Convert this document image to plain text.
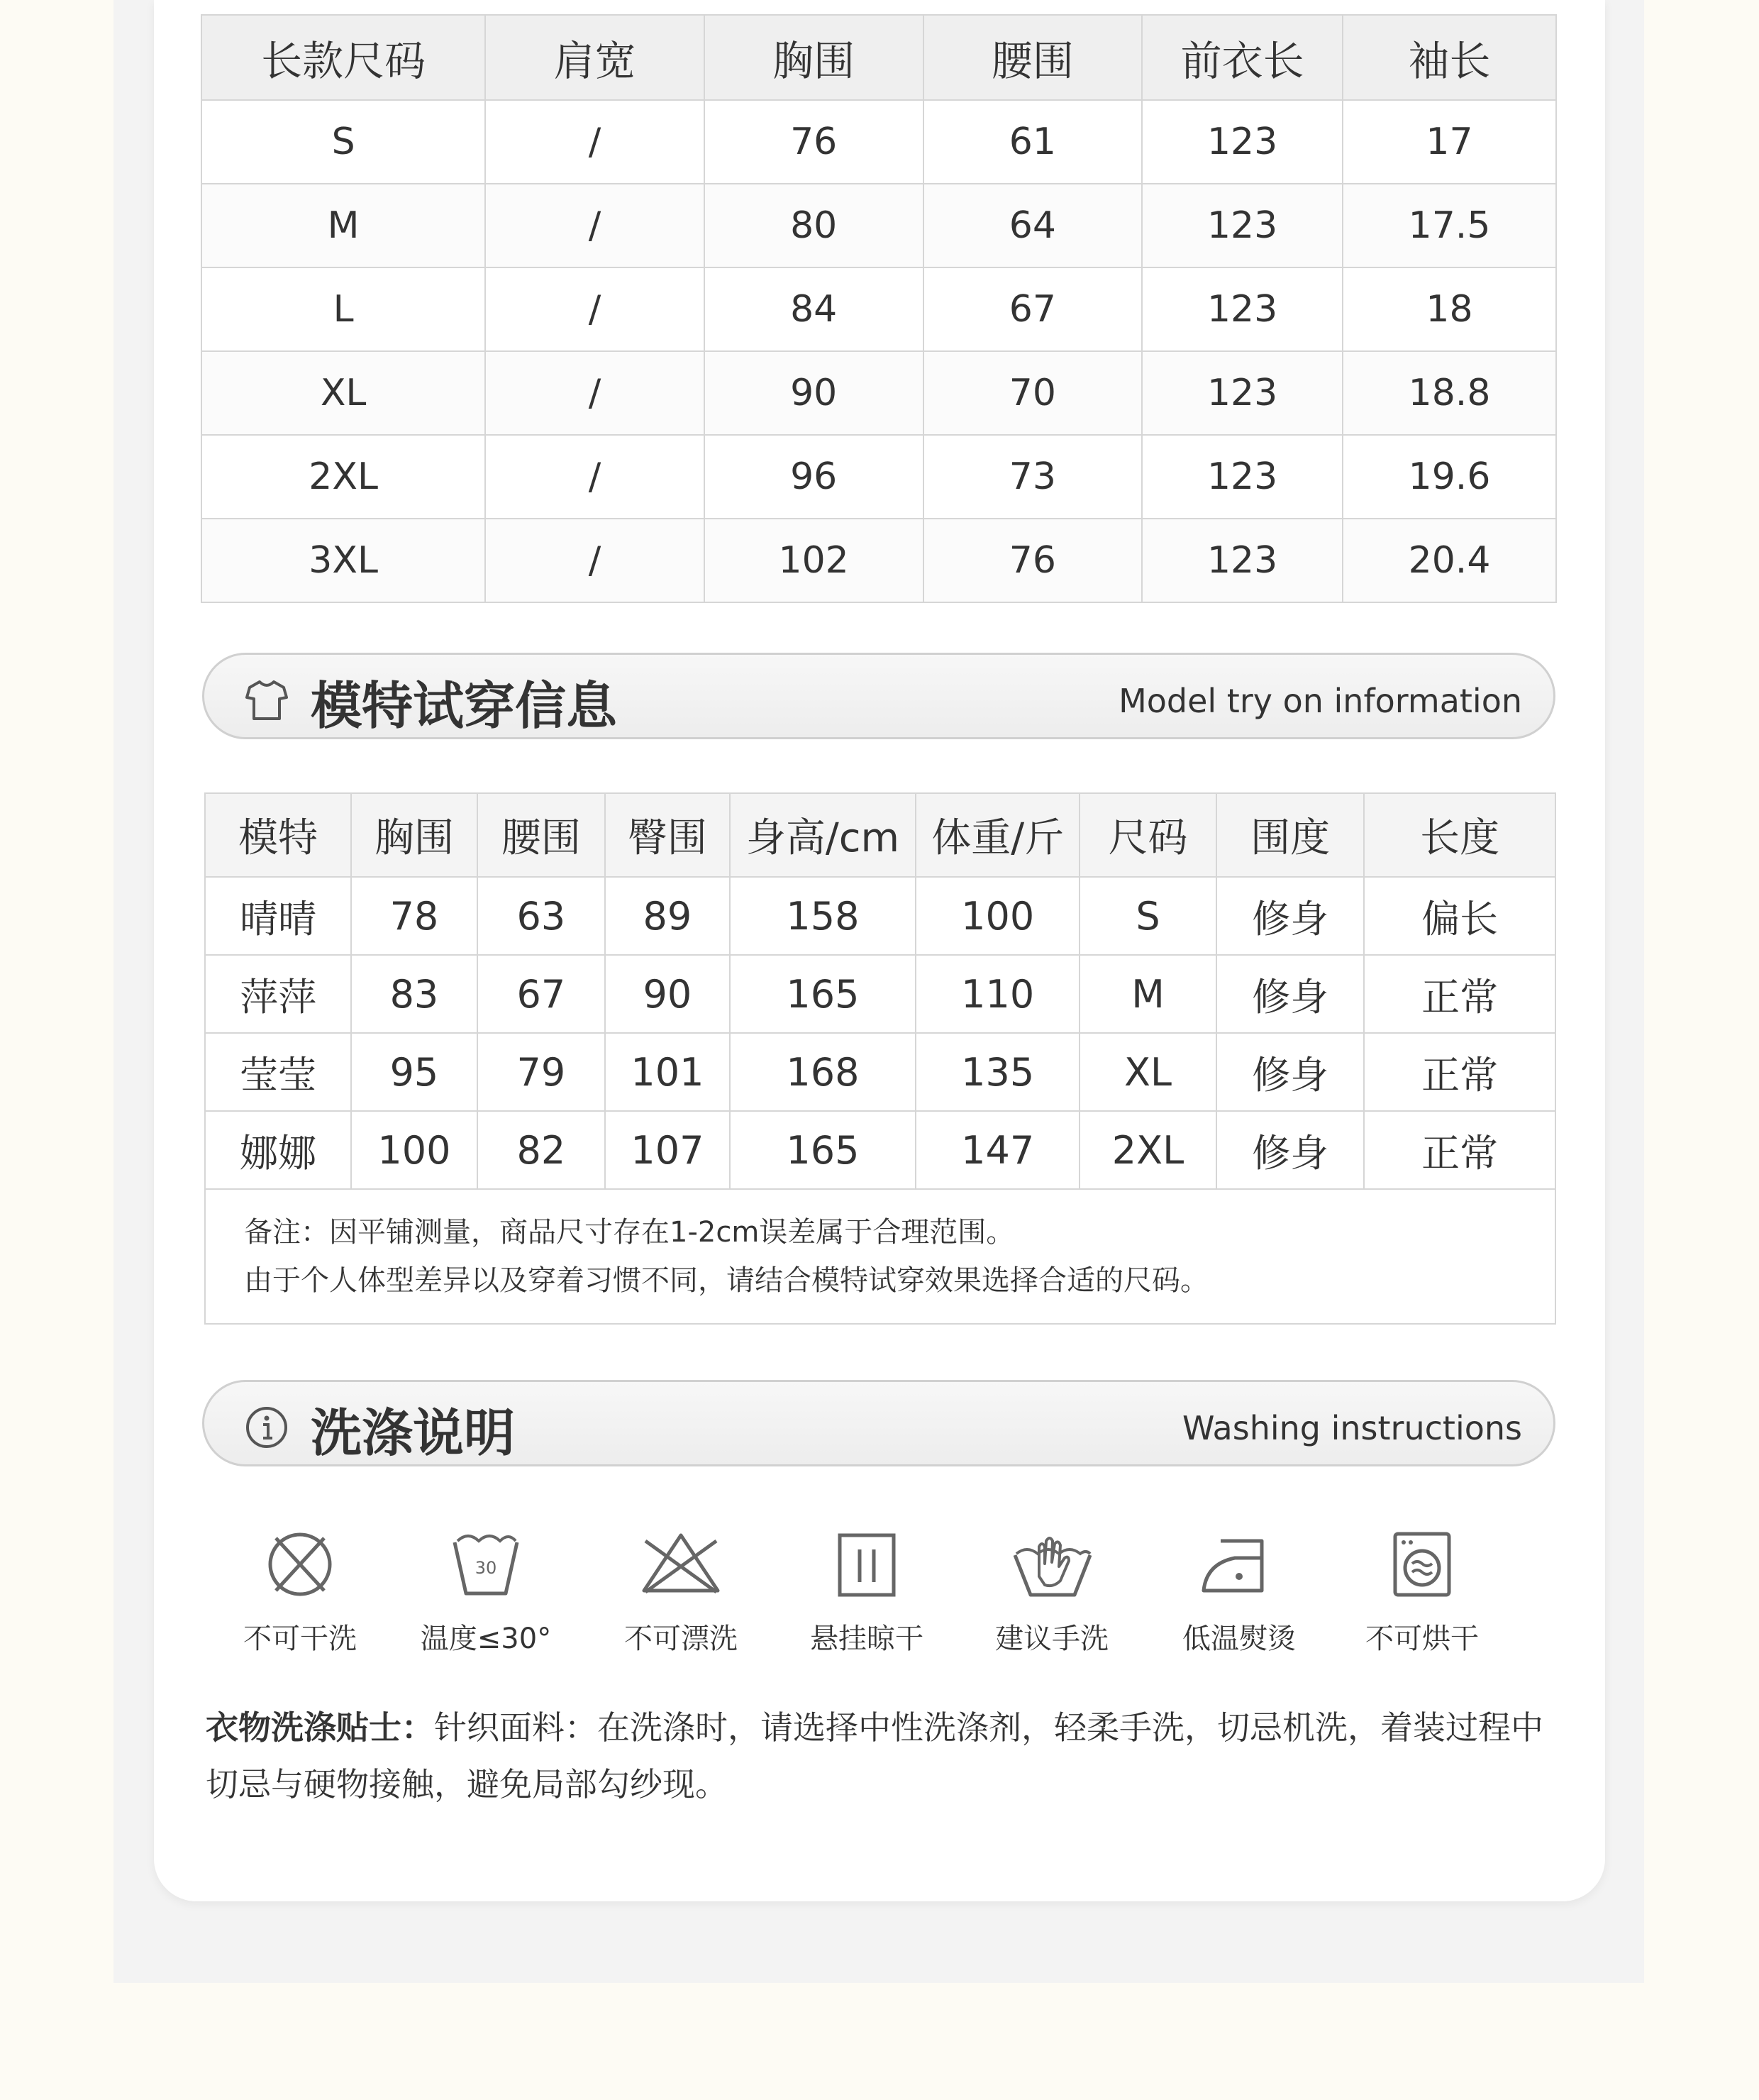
长款尺码	肩宽	胸围	腰围	前衣长	袖长
S	/	76	61	123	17
M	/	80	64	123	17.5
L	/	84	67	123	18
XL	/	90	70	123	18.8
2XL	/	96	73	123	19.6
3XL	/	102	76	123	20.4
模特试穿信息	Model try on information
模特	胸围	腰围	臀围	身高/cm	体重/斤	尺码	围度	长度
晴晴	78	63	89	158	100	S	修身	偏长
萍萍	83	67	90	165	110	M	修身	正常
莹莹	95	79	101	168	135	XL	修身	正常
娜娜	100	82	107	165	147	2XL	修身	正常

备注：因平铺测量，商品尺寸存在1-2cm误差属于合理范围。
由于个人体型差异以及穿着习惯不同，请结合模特试穿效果选择合适的尺码。								
洗涤说明	Washing instructions
不可干洗
30
温度≤30°	不可漂洗	悬挂晾干	建议手洗	低温熨烫	不可烘干
衣物洗涤贴士：针织面料：在洗涤时，请选择中性洗涤剂，轻柔手洗，切忌机洗，着装过程中切忌与硬物接触，避免局部勾纱现。
